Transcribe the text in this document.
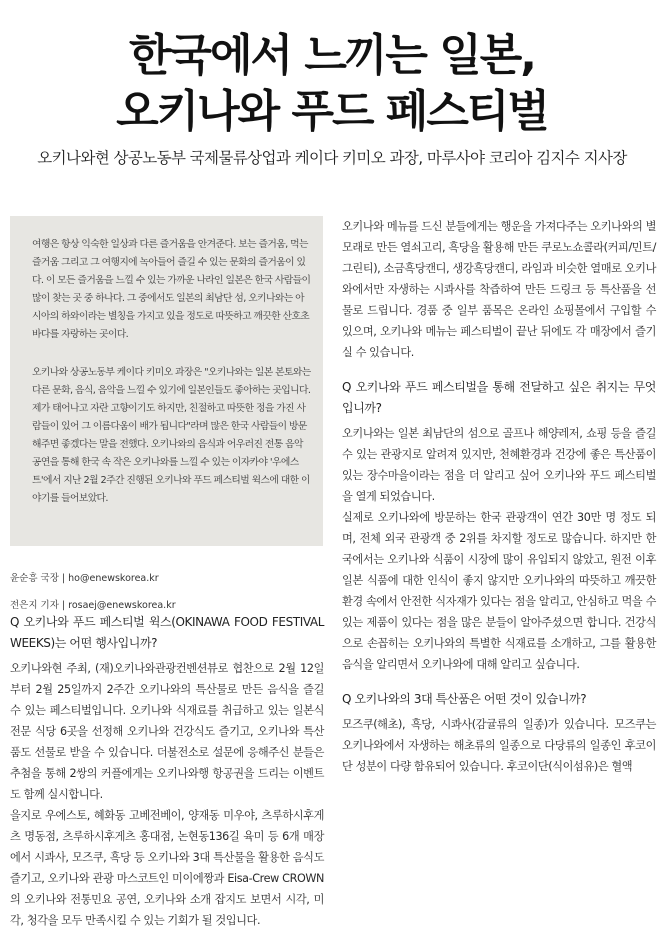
한국에서 느끼는 일본,
오키나와 푸드 페스티벌
오키나와현 상공노동부 국제물류상업과 케이다 키미오 과장, 마루사야 코리아 김지수 지사장

여행은 항상 익숙한 일상과 다른 즐거움을 안겨준다. 보는 즐거움, 먹는 즐거움 그리고 그 여행지에 녹아들어 즐길 수 있는 문화의 즐거움이 있다. 이 모든 즐거움을 느낄 수 있는 가까운 나라인 일본은 한국 사람들이 많이 찾는 곳 중 하나다. 그 중에서도 일본의 최남단 섬, 오키나와는 아시아의 하와이라는 별칭을 가지고 있을 정도로 따뜻하고 깨끗한 산호초 바다를 자랑하는 곳이다.

오키나와 상공노동부 케이다 키미오 과장은 "오키나와는 일본 본토와는 다른 문화, 음식, 음악을 느낄 수 있기에 일본인들도 좋아하는 곳입니다. 제가 태어나고 자란 고향이기도 하지만, 친절하고 따뜻한 정을 가진 사람들이 있어 그 이름다움이 배가 됩니다"라며 많은 한국 사람들이 방문해주면 좋겠다는 말을 전했다. 오키나와의 음식과 어우러진 전통 음악공연을 통해 한국 속 작은 오키나와를 느낄 수 있는 이자카야 '우에스트'에서 지난 2월 2주간 진행된 오키나와 푸드 페스티벌 윅스에 대한 이야기를 들어보았다.

윤순흥 국장 | ho@enewskorea.kr
전은지 기자 | rosaej@enewskorea.kr

Q 오키나와 푸드 페스티벌 윅스(OKINAWA FOOD FESTIVAL WEEKS)는 어떤 행사입니까?

오키나와현 주최, (재)오키나와관광컨벤션뷰로 협찬으로 2월 12일부터 2월 25일까지 2주간 오키나와의 특산물로 만든 음식을 즐길 수 있는 페스티벌입니다. 오키나와 식재료를 취급하고 있는 일본식 전문 식당 6곳을 선정해 오키나와 건강식도 즐기고, 오키나와 특산품도 선물로 받을 수 있습니다. 더불전소로 설문에 응해주신 분들은 추첨을 통해 2쌍의 커플에게는 오키나와행 항공권을 드리는 이벤트도 함께 실시합니다.

을지로 우에스토, 혜화동 고베전베이, 양재동 미우야, 츠루하시후게츠 명동점, 츠루하시후게츠 홍대점, 논현동136길 육미 등 6개 매장에서 시콰사, 모즈쿠, 흑당 등 오키나와 3대 특산물을 활용한 음식도 즐기고, 오키나와 관광 마스코트인 미이에짱과 Eisa-Crew CROWN의 오키나와 전통민요 공연, 오키나와 소개 잡지도 보면서 시각, 미각, 청각을 모두 만족시킬 수 있는 기회가 될 것입니다.

오키나와 메뉴를 드신 분들에게는 행운을 가져다주는 오키나와의 별모래로 만든 열쇠고리, 흑당을 활용해 만든 쿠로노쇼콜라(커피/민트/그린티), 소금흑당캔디, 생강흑당캔디, 라임과 비슷한 열매로 오키나와에서만 자생하는 시콰사를 착즙하여 만든 드링크 등 특산품을 선물로 드립니다. 경품 중 일부 품목은 온라인 쇼핑몰에서 구입할 수 있으며, 오키나와 메뉴는 페스티벌이 끝난 뒤에도 각 매장에서 즐기실 수 있습니다.

Q 오키나와 푸드 페스티벌을 통해 전달하고 싶은 취지는 무엇입니까?

오키나와는 일본 최남단의 섬으로 골프나 해양레저, 쇼핑 등을 즐길 수 있는 관광지로 알려져 있지만, 천혜환경과 건강에 좋은 특산품이 있는 장수마을이라는 점을 더 알리고 싶어 오키나와 푸드 페스티벌을 열게 되었습니다.

실제로 오키나와에 방문하는 한국 관광객이 연간 30만 명 정도 되며, 전체 외국 관광객 중 2위를 차지할 정도로 많습니다. 하지만 한국에서는 오키나와 식품이 시장에 많이 유입되지 않았고, 원전 이후 일본 식품에 대한 인식이 좋지 않지만 오키나와의 따뜻하고 깨끗한 환경 속에서 안전한 식자재가 있다는 점을 알리고, 안심하고 먹을 수 있는 제품이 있다는 점을 많은 분들이 알아주셨으면 합니다. 건강식으로 손꼽히는 오키나와의 특별한 식재료를 소개하고, 그를 활용한 음식을 알리면서 오키나와에 대해 알리고 싶습니다.

Q 오키나와의 3대 특산품은 어떤 것이 있습니까?

모즈쿠(해초), 흑당, 시콰사(감귤류의 일종)가 있습니다. 모즈쿠는 오키나와에서 자생하는 해초류의 일종으로 다당류의 일종인 후코이단 성분이 다량 함유되어 있습니다. 후코이단(식이섬유)은 혈액
